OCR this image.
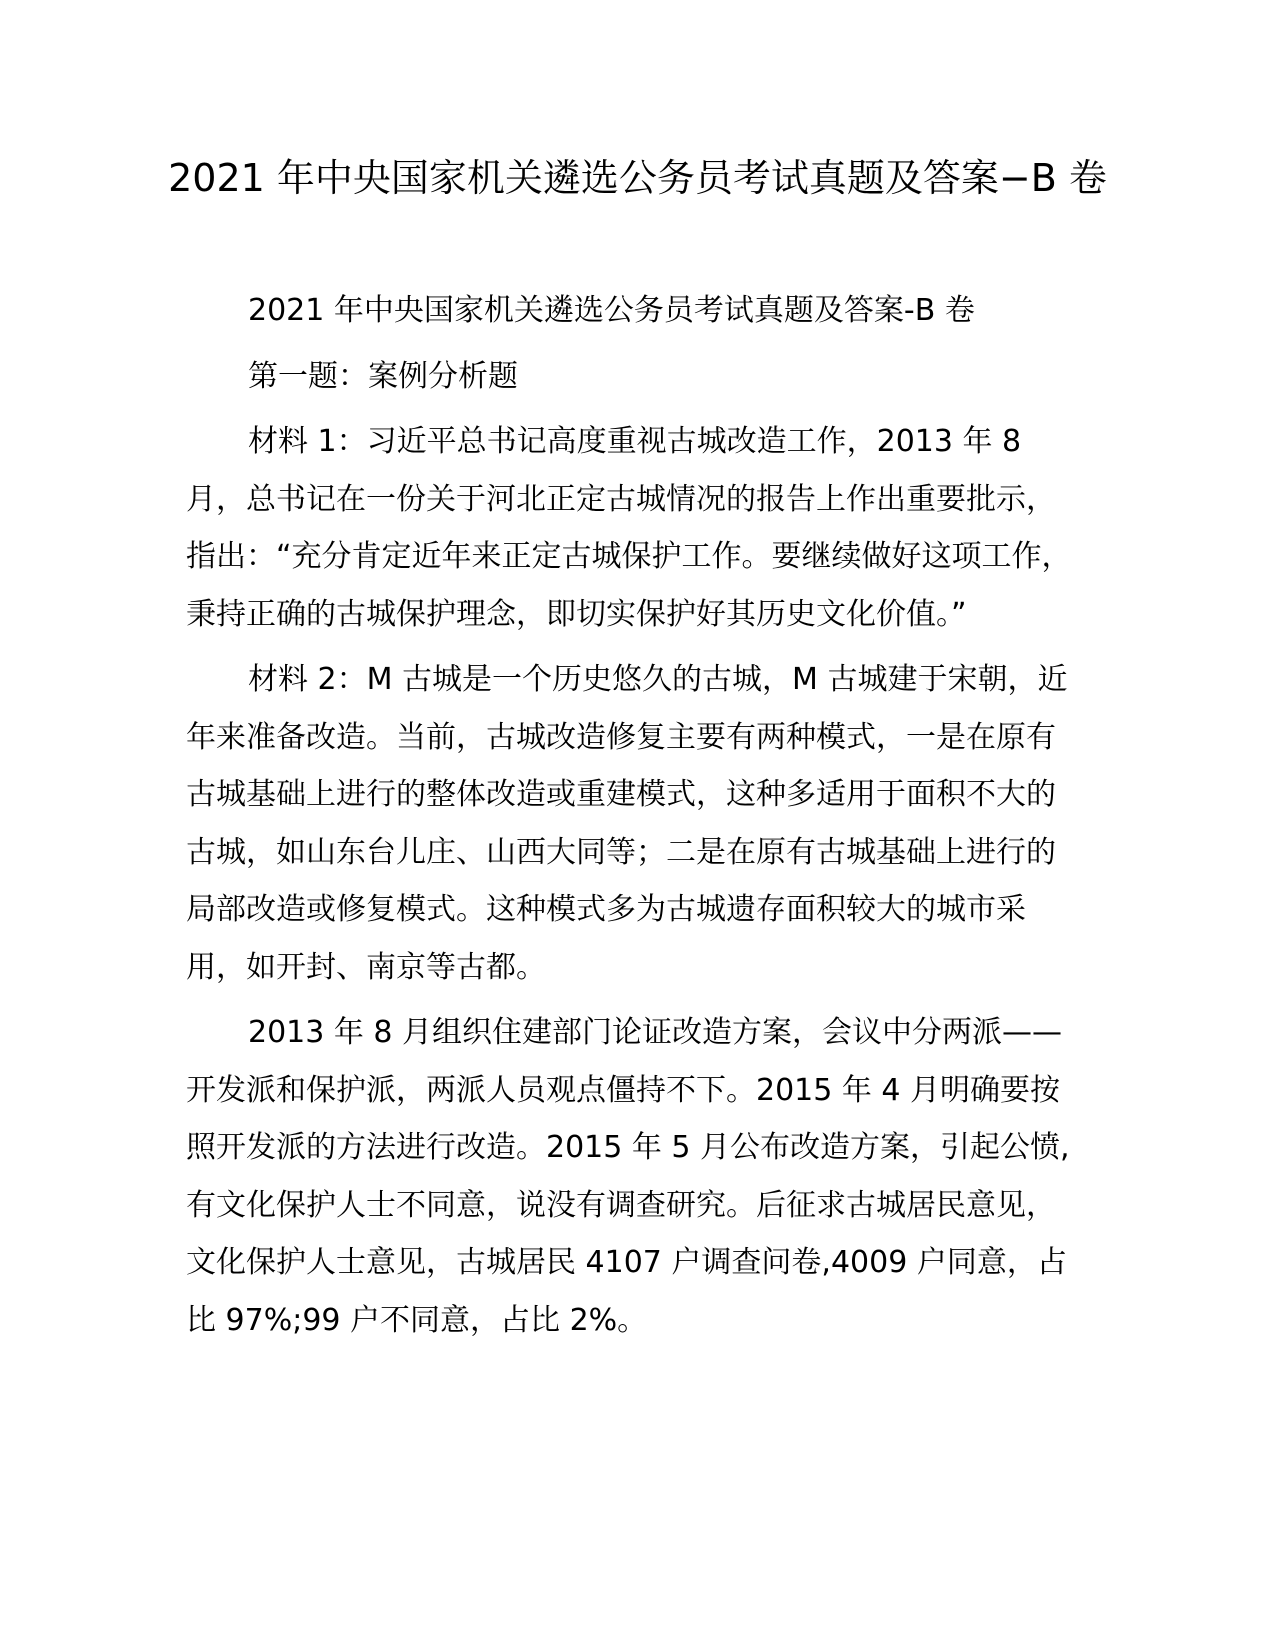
2021 年中央国家机关遴选公务员考试真题及答案−B 卷

2021 年中央国家机关遴选公务员考试真题及答案-B 卷

第一题：案例分析题

材料 1：习近平总书记高度重视古城改造工作，2013 年 8 月，总书记在一份关于河北正定古城情况的报告上作出重要批示，指出：“充分肯定近年来正定古城保护工作。要继续做好这项工作，秉持正确的古城保护理念，即切实保护好其历史文化价值。”

材料 2：M 古城是一个历史悠久的古城，M 古城建于宋朝，近年来准备改造。当前，古城改造修复主要有两种模式，一是在原有古城基础上进行的整体改造或重建模式，这种多适用于面积不大的古城，如山东台儿庄、山西大同等；二是在原有古城基础上进行的局部改造或修复模式。这种模式多为古城遗存面积较大的城市采用，如开封、南京等古都。

2013 年 8 月组织住建部门论证改造方案，会议中分两派——开发派和保护派，两派人员观点僵持不下。2015 年 4 月明确要按照开发派的方法进行改造。2015 年 5 月公布改造方案，引起公愤,有文化保护人士不同意，说没有调查研究。后征求古城居民意见，文化保护人士意见，古城居民 4107 户调查问卷,4009 户同意，占比 97%;99 户不同意，占比 2%。
